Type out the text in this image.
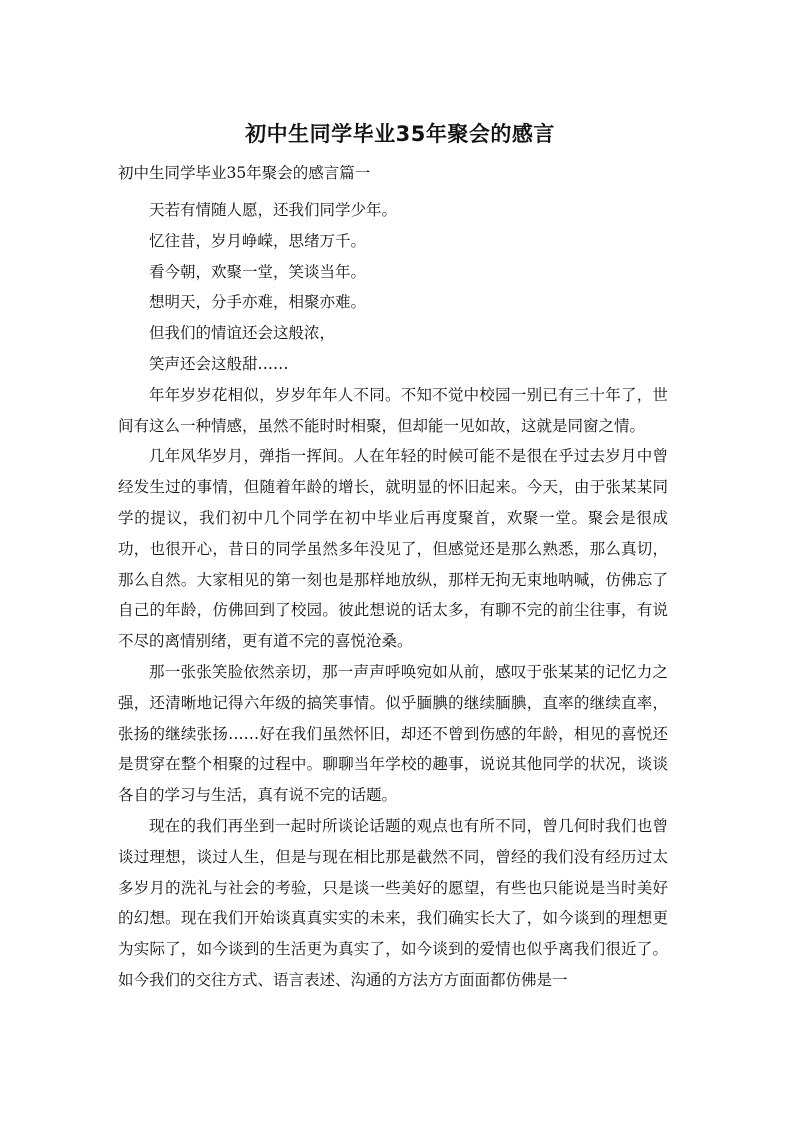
初中生同学毕业35年聚会的感言
初中生同学毕业35年聚会的感言篇一

天若有情随人愿，还我们同学少年。

忆往昔，岁月峥嵘，思绪万千。

看今朝，欢聚一堂，笑谈当年。

想明天，分手亦难，相聚亦难。

但我们的情谊还会这般浓，

笑声还会这般甜……

年年岁岁花相似，岁岁年年人不同。不知不觉中校园一别已有三十年了，世间有这么一种情感，虽然不能时时相聚，但却能一见如故，这就是同窗之情。

几年风华岁月，弹指一挥间。人在年轻的时候可能不是很在乎过去岁月中曾经发生过的事情，但随着年龄的增长，就明显的怀旧起来。今天，由于张某某同学的提议，我们初中几个同学在初中毕业后再度聚首，欢聚一堂。聚会是很成功，也很开心，昔日的同学虽然多年没见了，但感觉还是那么熟悉，那么真切，那么自然。大家相见的第一刻也是那样地放纵，那样无拘无束地呐喊，仿佛忘了自己的年龄，仿佛回到了校园。彼此想说的话太多，有聊不完的前尘往事，有说不尽的离情别绪，更有道不完的喜悦沧桑。

那一张张笑脸依然亲切，那一声声呼唤宛如从前，感叹于张某某的记忆力之强，还清晰地记得六年级的搞笑事情。似乎腼腆的继续腼腆，直率的继续直率，张扬的继续张扬……好在我们虽然怀旧，却还不曾到伤感的年龄，相见的喜悦还是贯穿在整个相聚的过程中。聊聊当年学校的趣事，说说其他同学的状况，谈谈各自的学习与生活，真有说不完的话题。

现在的我们再坐到一起时所谈论话题的观点也有所不同，曾几何时我们也曾谈过理想，谈过人生，但是与现在相比那是截然不同，曾经的我们没有经历过太多岁月的洗礼与社会的考验，只是谈一些美好的愿望，有些也只能说是当时美好的幻想。现在我们开始谈真真实实的未来，我们确实长大了，如今谈到的理想更为实际了，如今谈到的生活更为真实了，如今谈到的爱情也似乎离我们很近了。如今我们的交往方式、语言表述、沟通的方法方方面面都仿佛是一
